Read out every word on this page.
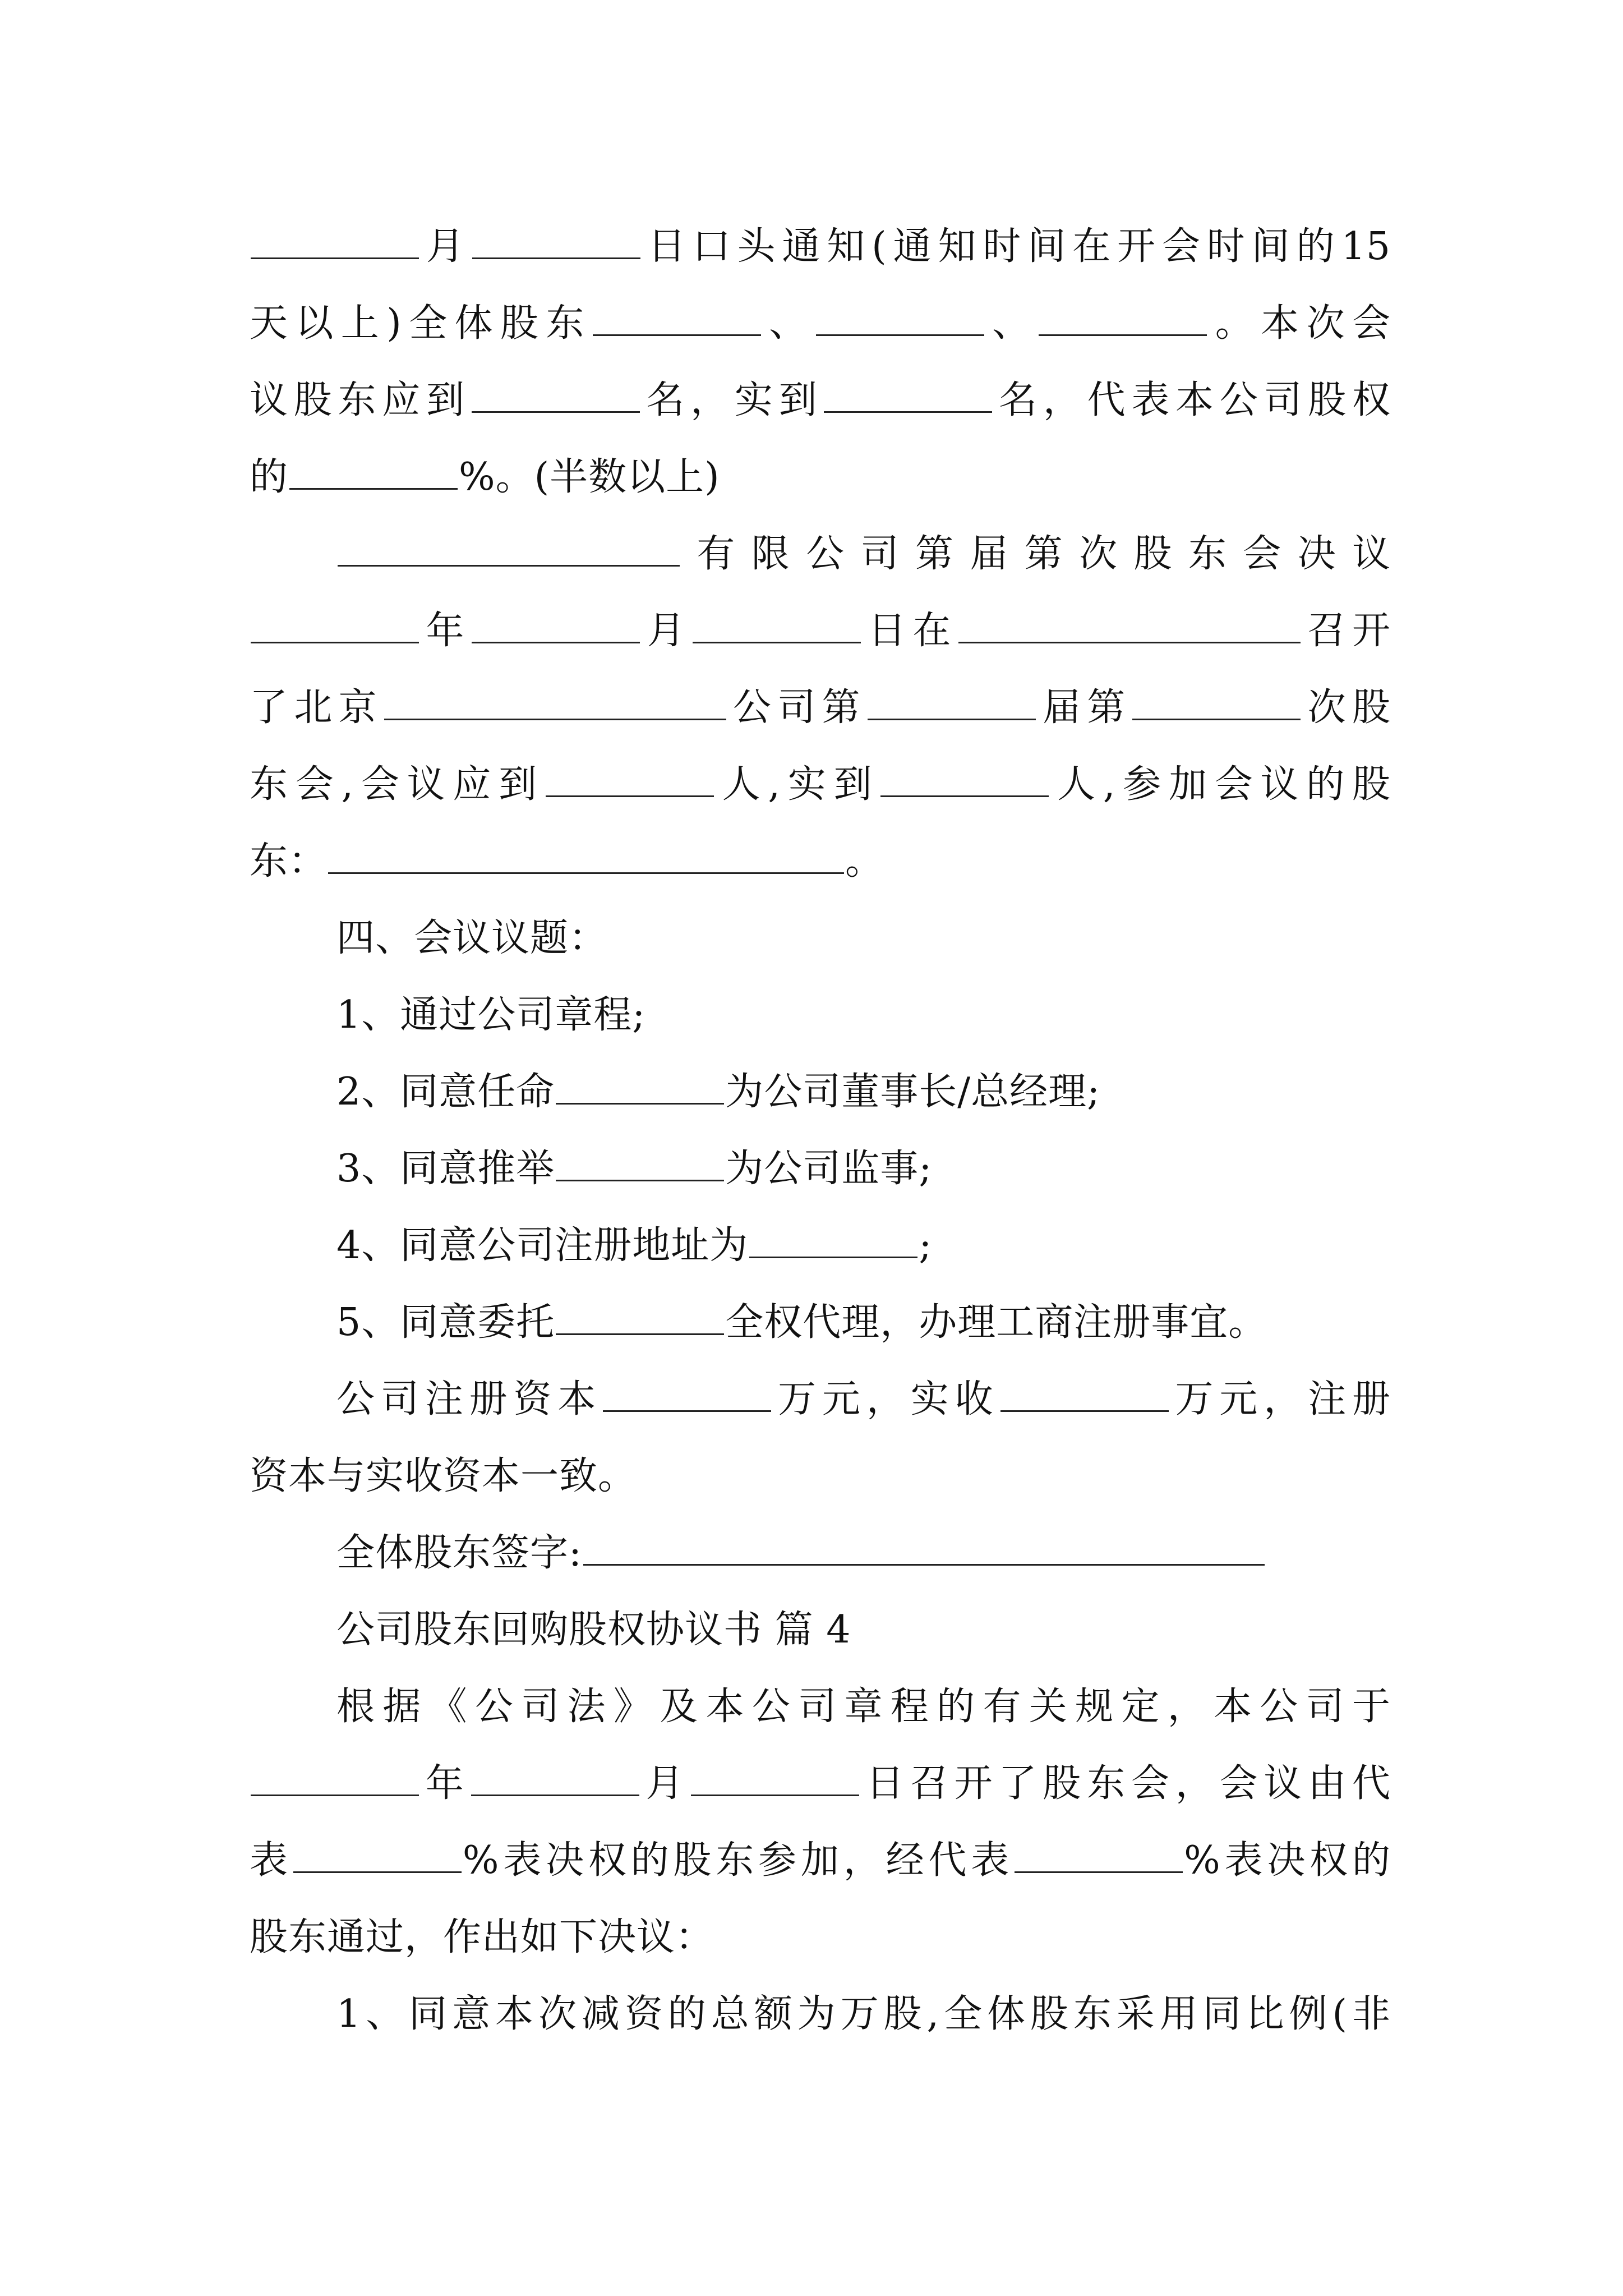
月	日口头通知(通知时间在开会时间的15
天以上)全体股东	、	、	。本次会
议股东应到	名，实到	名，代表本公司股权
的	%。(半数以上)
有限公司第届第次股东会决议
年	月	日在	召开
了北京	公司第	届第	次股
东会,会议应到	人,实到	人,参加会议的股
东：	。
四、会议议题：
1、通过公司章程;
2、同意任命	为公司董事长/总经理;
3、同意推举	为公司监事;
4、同意公司注册地址为	;
5、同意委托	全权代理，办理工商注册事宜。
公司注册资本	万元，实收	万元，注册
资本与实收资本一致。
全体股东签字:
公司股东回购股权协议书 篇 4
根据《公司法》及本公司章程的有关规定，本公司于
年	月	日召开了股东会，会议由代
表	%表决权的股东参加，经代表	%表决权的
股东通过，作出如下决议：
1、同意本次减资的总额为万股,全体股东采用同比例(非
